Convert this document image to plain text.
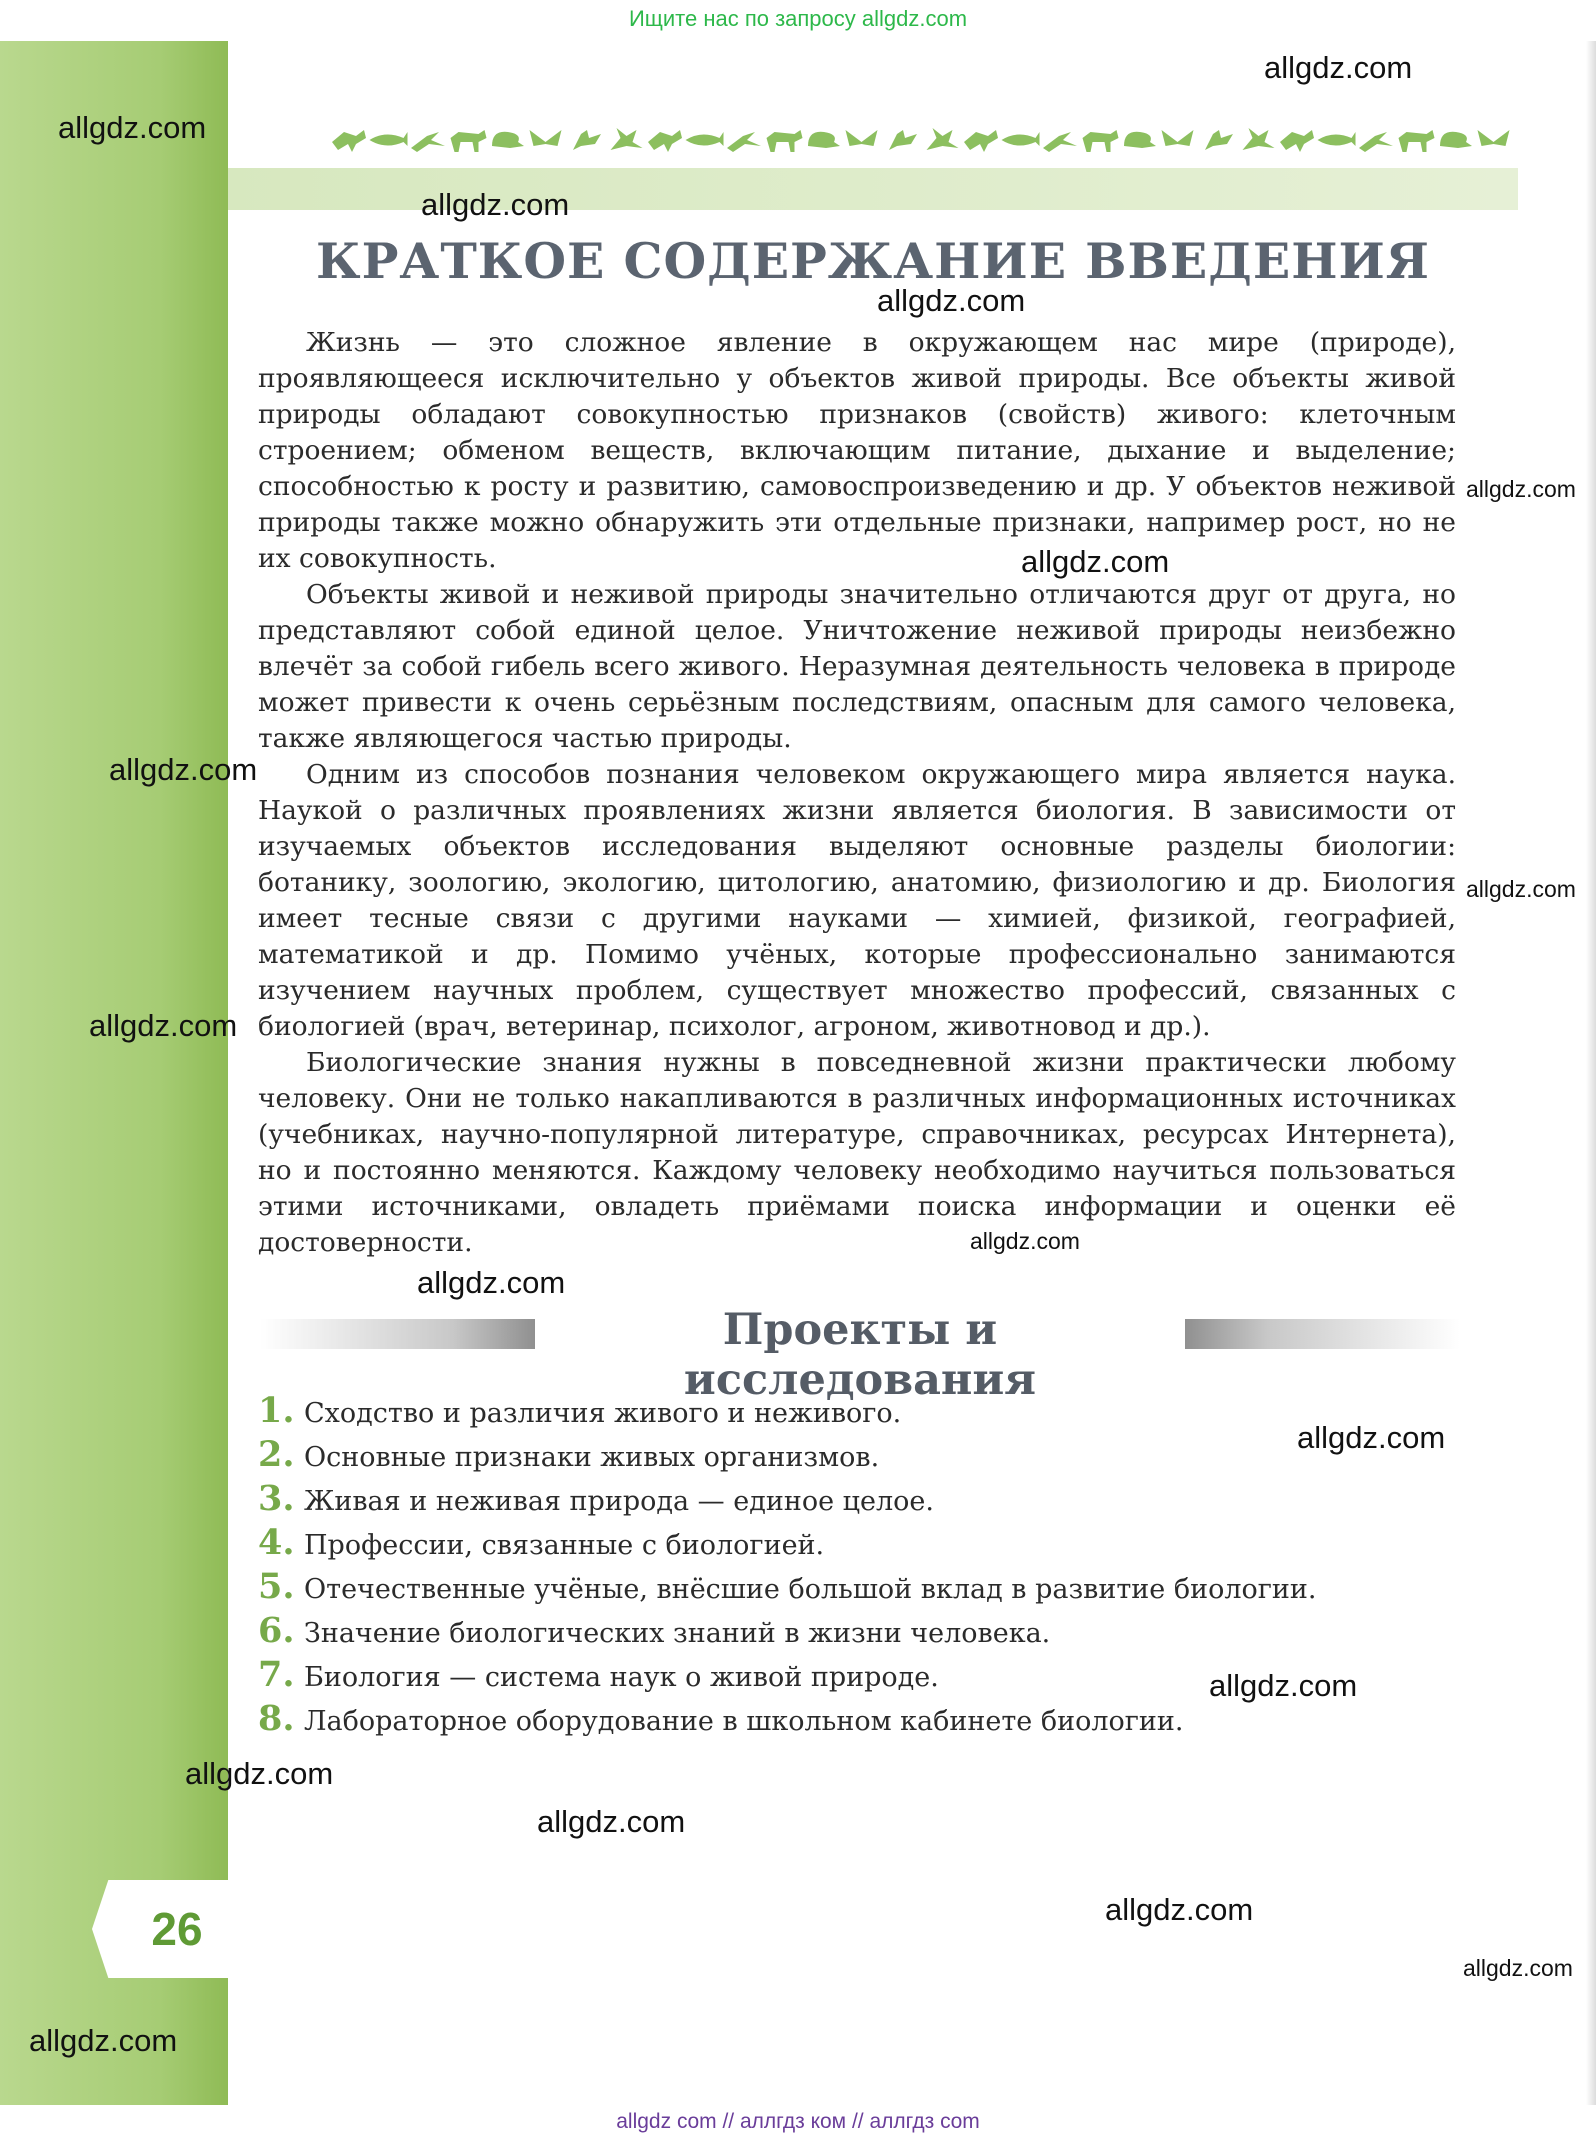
Ищите нас по запросу allgdz.com
26
КРАТКОЕ СОДЕРЖАНИЕ ВВЕДЕНИЯ

Жизнь — это сложное явление в окружающем нас мире (природе), проявляющееся исключительно у объектов живой природы. Все объекты живой природы обладают совокупностью признаков (свойств) живого: клеточным строением; обменом веществ, включающим питание, дыхание и выделение; способностью к росту и развитию, самовоспроизведению и др. У объектов неживой природы также можно обнаружить эти отдельные признаки, например рост, но не их совокупность.

Объекты живой и неживой природы значительно отличаются друг от друга, но представляют собой единой целое. Уничтожение неживой природы неизбежно влечёт за собой гибель всего живого. Неразумная деятельность человека в природе может привести к очень серьёзным последствиям, опасным для самого человека, также являющегося частью природы.

Одним из способов познания человеком окружающего мира является наука. Наукой о различных проявлениях жизни является биология. В зависимости от изучаемых объектов исследования выделяют основные разделы биологии: ботанику, зоологию, экологию, цитологию, анатомию, физиологию и др. Биология имеет тесные связи с другими науками — химией, физикой, географией, математикой и др. Помимо учёных, которые профессионально занимаются изучением научных проблем, существует множество профессий, связанных с биологией (врач, ветеринар, психолог, агроном, животновод и др.).

Биологические знания нужны в повседневной жизни практически любому человеку. Они не только накапливаются в различных информационных источниках (учебниках, научно-популярной литературе, справочниках, ресурсах Интернета), но и постоянно меняются. Каждому человеку необходимо научиться пользоваться этими источниками, овладеть приёмами поиска информации и оценки её достоверности.

Проекты и исследования
1. Сходство и различия живого и неживого.
2. Основные признаки живых организмов.
3. Живая и неживая природа — единое целое.
4. Профессии, связанные с биологией.
5. Отечественные учёные, внёсшие большой вклад в развитие биологии.
6. Значение биологических знаний в жизни человека.
7. Биология — система наук о живой природе.
8. Лабораторное оборудование в школьном кабинете биологии.
allgdz.com
allgdz.com
allgdz.com
allgdz.com
allgdz.com
allgdz.com
allgdz.com
allgdz.com
allgdz.com
allgdz.com
allgdz.com
allgdz.com
allgdz.com
allgdz.com
allgdz.com
allgdz.com
allgdz.com
allgdz.com
allgdz com // аллгдз ком // аллгдз com
